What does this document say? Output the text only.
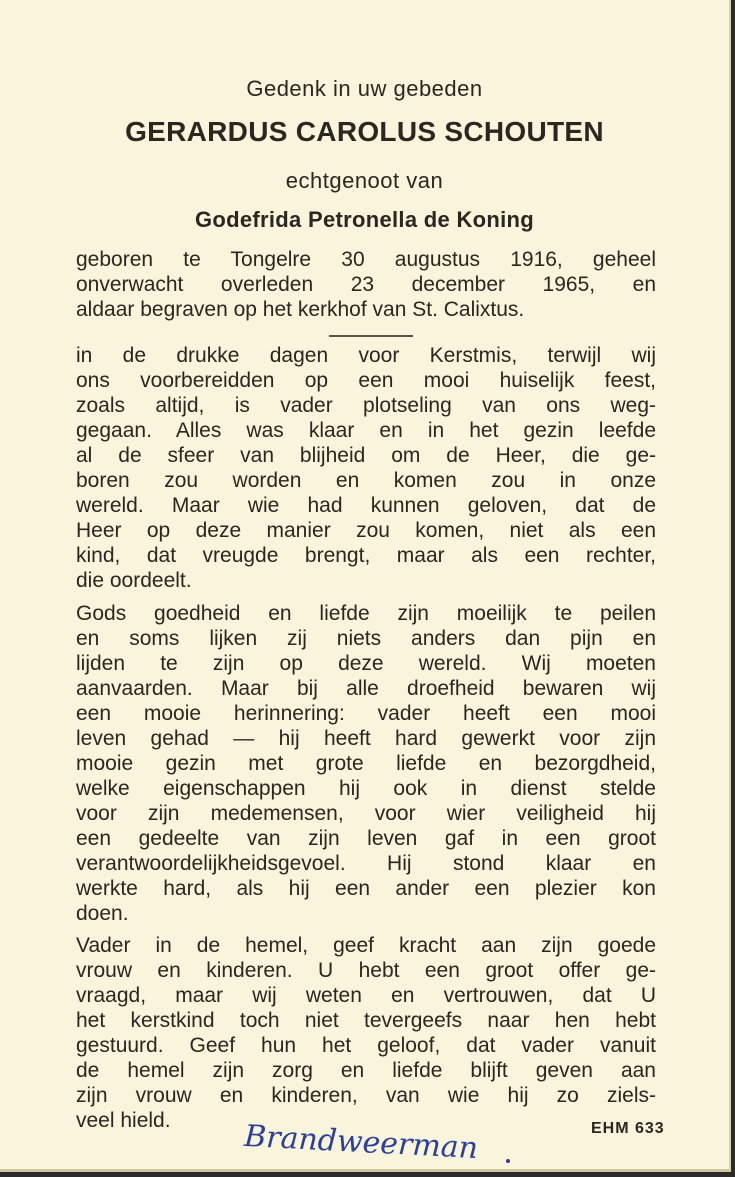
Gedenk in uw gebeden
GERARDUS CAROLUS SCHOUTEN
echtgenoot van
Godefrida Petronella de Koning
geboren te Tongelre 30 augustus 1916, geheel
onverwacht overleden 23 december 1965, en
aldaar begraven op het kerkhof van St. Calixtus.
in de drukke dagen voor Kerstmis, terwijl wij
ons voorbereidden op een mooi huiselijk feest,
zoals altijd, is vader plotseling van ons weg-
gegaan. Alles was klaar en in het gezin leefde
al de sfeer van blijheid om de Heer, die ge-
boren zou worden en komen zou in onze
wereld. Maar wie had kunnen geloven, dat de
Heer op deze manier zou komen, niet als een
kind, dat vreugde brengt, maar als een rechter,
die oordeelt.
Gods goedheid en liefde zijn moeilijk te peilen
en soms lijken zij niets anders dan pijn en
lijden te zijn op deze wereld. Wij moeten
aanvaarden. Maar bij alle droefheid bewaren wij
een mooie herinnering: vader heeft een mooi
leven gehad — hij heeft hard gewerkt voor zijn
mooie gezin met grote liefde en bezorgdheid,
welke eigenschappen hij ook in dienst stelde
voor zijn medemensen, voor wier veiligheid hij
een gedeelte van zijn leven gaf in een groot
verantwoordelijkheidsgevoel. Hij stond klaar en
werkte hard, als hij een ander een plezier kon
doen.
Vader in de hemel, geef kracht aan zijn goede
vrouw en kinderen. U hebt een groot offer ge-
vraagd, maar wij weten en vertrouwen, dat U
het kerstkind toch niet tevergeefs naar hen hebt
gestuurd. Geef hun het geloof, dat vader vanuit
de hemel zijn zorg en liefde blijft geven aan
zijn vrouw en kinderen, van wie hij zo ziels-
veel hield.	Brandweerman	EHM 633
